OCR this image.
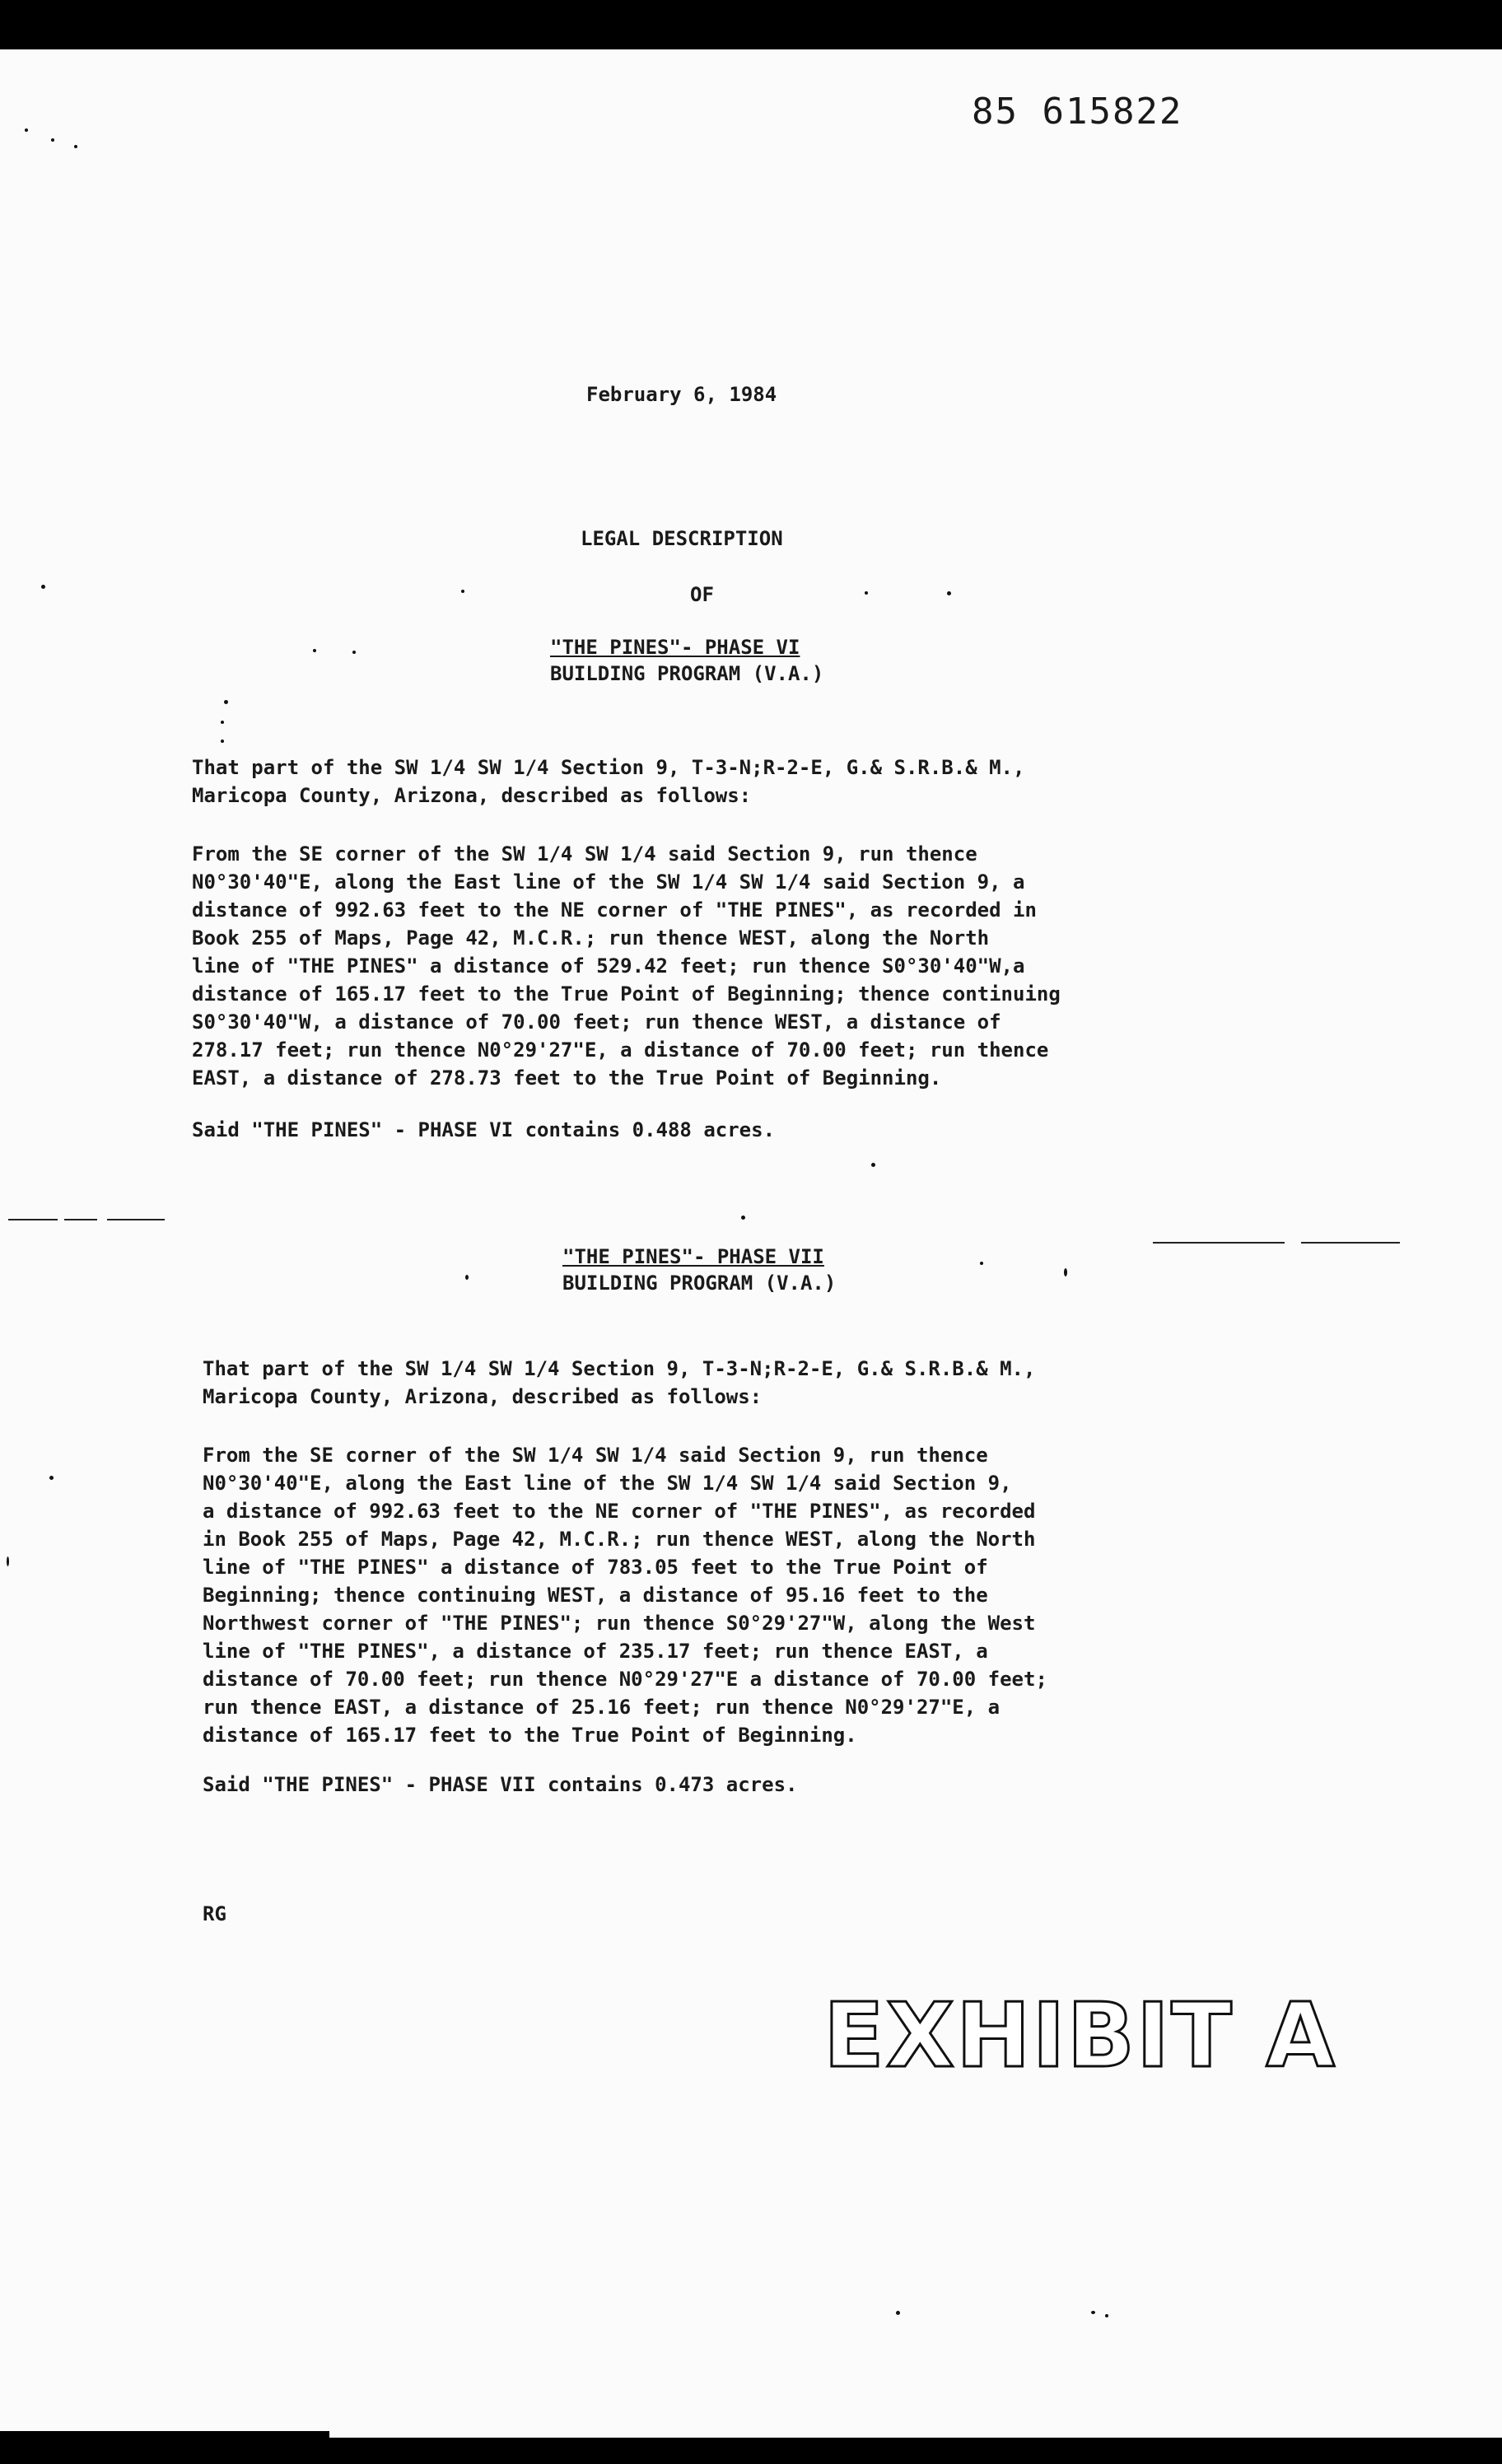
85 615822
February 6, 1984
LEGAL DESCRIPTION
OF
"THE PINES"- PHASE VI
BUILDING PROGRAM (V.A.)

That part of the SW 1/4 SW 1/4 Section 9, T-3-N;R-2-E, G.& S.R.B.& M.,
Maricopa County, Arizona, described as follows:

From the SE corner of the SW 1/4 SW 1/4 said Section 9, run thence
N0°30'40"E, along the East line of the SW 1/4 SW 1/4 said Section 9, a
distance of 992.63 feet to the NE corner of "THE PINES", as recorded in
Book 255 of Maps, Page 42, M.C.R.; run thence WEST, along the North
line of "THE PINES" a distance of 529.42 feet; run thence S0°30'40"W,a
distance of 165.17 feet to the True Point of Beginning; thence continuing
S0°30'40"W, a distance of 70.00 feet; run thence WEST, a distance of
278.17 feet; run thence N0°29'27"E, a distance of 70.00 feet; run thence
EAST, a distance of 278.73 feet to the True Point of Beginning.

Said "THE PINES" - PHASE VI contains 0.488 acres.

"THE PINES"- PHASE VII
BUILDING PROGRAM (V.A.)

That part of the SW 1/4 SW 1/4 Section 9, T-3-N;R-2-E, G.& S.R.B.& M.,
Maricopa County, Arizona, described as follows:

From the SE corner of the SW 1/4 SW 1/4 said Section 9, run thence
N0°30'40"E, along the East line of the SW 1/4 SW 1/4 said Section 9,
a distance of 992.63 feet to the NE corner of "THE PINES", as recorded
in Book 255 of Maps, Page 42, M.C.R.; run thence WEST, along the North
line of "THE PINES" a distance of 783.05 feet to the True Point of
Beginning; thence continuing WEST, a distance of 95.16 feet to the
Northwest corner of "THE PINES"; run thence S0°29'27"W, along the West
line of "THE PINES", a distance of 235.17 feet; run thence EAST, a
distance of 70.00 feet; run thence N0°29'27"E a distance of 70.00 feet;
run thence EAST, a distance of 25.16 feet; run thence N0°29'27"E, a
distance of 165.17 feet to the True Point of Beginning.

Said "THE PINES" - PHASE VII contains 0.473 acres.

RG
EXHIBIT A
